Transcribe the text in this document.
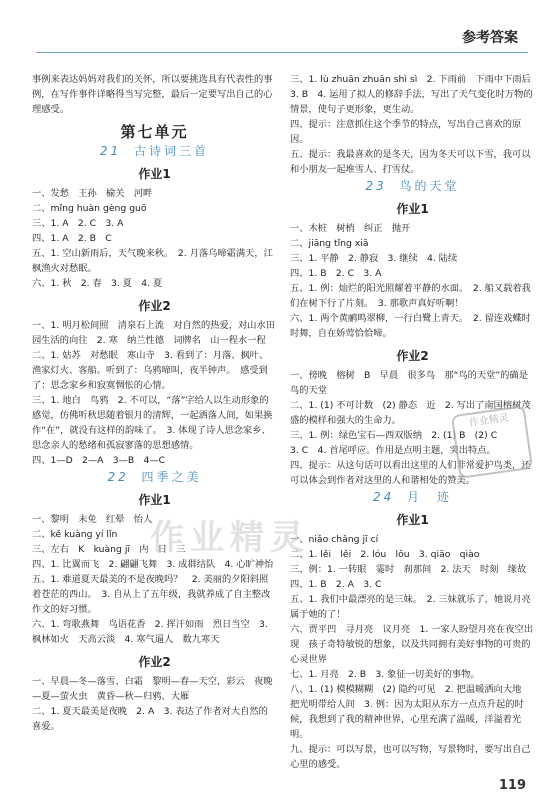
参考答案

事例来表达妈妈对我们的关怀，所以要挑选具有代表性的事例，在写作事件详略得当写完整，最后一定要写出自己的心理感受。

第七单元
21 古诗词三首
作业1

一、发愁　王孙　榆关　河畔

二、mǐng huàn gèng guō

三、1. A　2. C　3. A

四、1. A　2. B　C

五、1. 空山新雨后，天气晚来秋。　2. 月落乌啼霜满天，江枫渔火对愁眠。

六、1. 秋　2. 春　3. 夏　4. 夏

作业2

一、1. 明月松间照　清泉石上流　对自然的热爱，对山水田园生活的向往　2. 寒　纳兰性德　词牌名　山一程水一程

二、1. 姑苏　对愁眠　寒山寺　3. 看到了：月落、枫叶、渔家灯火、客船。听到了：乌鸦啼叫，夜半钟声。　感受到了：思念家乡和寂寞惆怅的心情。

三、1. 地白　鸟鸦　2. 不可以，“落”字给人以生动形象的感觉，仿佛听秋思随着银月的清辉，一起洒落人间，如果换作“在”，就没有这样的韵味了。　3. 体现了诗人思念家乡、思念亲人的愁绪和孤寂寥落的思想感情。

四、1—D　2—A　3—B　4—C

22 四季之美
作业1

一、黎明　未免　红晕　怡人

二、kě kuàng yí lǐn

三、左右　K　kuàng jī　内　日　三

四、1. 比翼而飞　2. 翩翩飞舞　3. 成群结队　4. 心旷神怡

五、1. 难道夏天最美的不是夜晚吗？　2. 美丽的夕阳斜照着苍茫的西山。　3. 自从上了五年级，我就养成了自主整改作文的好习惯。

六、1. 弯歌燕舞　鸟语花香　2. 挥汗如雨　烈日当空　3. 枫林如火　天高云淡　4. 寒气逼人　数九寒天

作业2

一、早晨—冬—落雪、白霜　黎明—春—天空，彩云　夜晚—夏—萤火虫　黄昏—秋—归鸦、大雁

二、1. 夏天最美是夜晚　2. A　3. 表达了作者对大自然的喜爱。

三、1. lù zhuān zhuān shì sì　2. 下雨前　下雨中下雨后　3. B　4. 运用了拟人的修辞手法，写出了天气变化时万物的情景，使句子更形象，更生动。

四、提示：注意抓住这个季节的特点，写出自己喜欢的原因。

五、提示：我最喜欢的是冬天，因为冬天可以下雪，我可以和小朋友一起堆雪人、打雪仗。

23 鸟的天堂
作业1

一、木桩　树梢　纠正　抛开

二、jiāng tǐng xiā

三、1. 平静　2. 静寂　3. 继续　4. 陆续

四、1. B　2. C　3. A

五、1. 例：灿烂的阳光照耀着平静的水面。　2. 船又载着我们在树下行了片刻。　3. 那歌声真好听啊！

六、1. 两个黄鹂鸣翠柳，一行白鹭上青天。　2. 留连戏蝶时时舞，自在娇莺恰恰啼。

作业2

一、傍晚　榕树　B　早晨　很多鸟　那“鸟的天堂”的确是鸟的天堂

二、1. (1) 不可计数　(2) 静态　近　2. 写出了南国榕树茂盛的模样和强大的生命力。

三、1. 例：绿色宝石—西双版纳　2. (1) B　(2) C

3. C　4. 首尾呼应。作用是点明主题，突出特点。

四、提示：从这句话可以看出这里的人们非常爱护鸟类，还可以体会到作者对这里的人和谐相处的赞美。

24 月　迹
作业1

一、niǎo chǎng jī cí

二、1. lěi　lěi　2. lóu　lǒu　3. qiāo　qiào

三、例：1. 一转眼　霎时　刹那间　2. 法天　时刻　缘故

四、1. B　2. A　3. C

五、1. 我们中最漂亮的是三妹。　2. 三妹就乐了，她说月亮属于她的了！

六、贾平凹　寻月亮　议月亮　1. 一家人盼望月亮在夜空出现　孩子奇特敏锐的想象，以及共同拥有美好事物的可贵的心灵世界

七、1. 月亮　2. B　3. 象征一切美好的事物。

八、1. (1) 模模糊糊　(2) 隐约可见　2. 把温暖洒向大地　把光明带给人间　3. 例：因为太阳从东方一点点升起的时候，我想到了我的精神世界，心里充满了温暖，洋溢着光明。

九、提示：可以写景，也可以写物，写景物时，要写出自己心里的感受。

作业精灵
作业精灵
119
